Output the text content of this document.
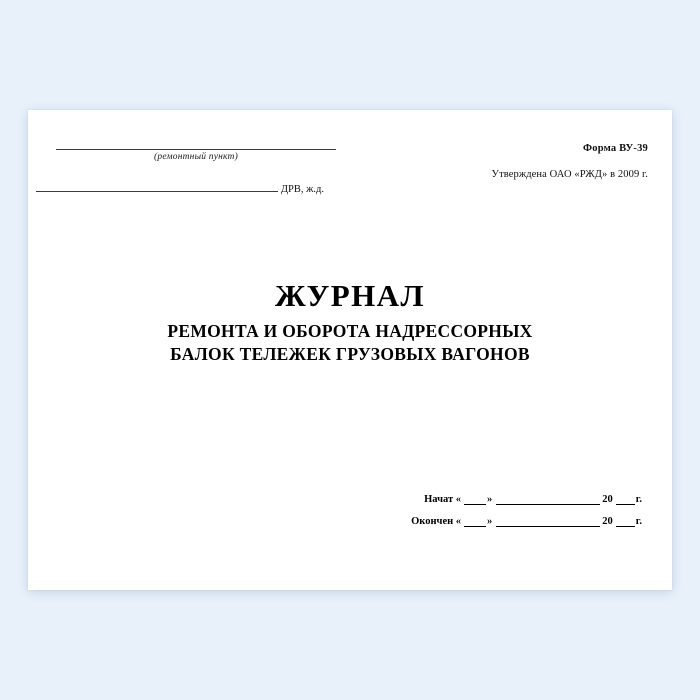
(ремонтный пункт)
ДРВ, ж.д.
Форма ВУ-39
Утверждена ОАО «РЖД» в 2009 г.
ЖУРНАЛ
РЕМОНТА И ОБОРОТА НАДРЕССОРНЫХ
БАЛОК ТЕЛЕЖЕК ГРУЗОВЫХ ВАГОНОВ
Начат « »	20 г.
Окончен « »	20 г.
